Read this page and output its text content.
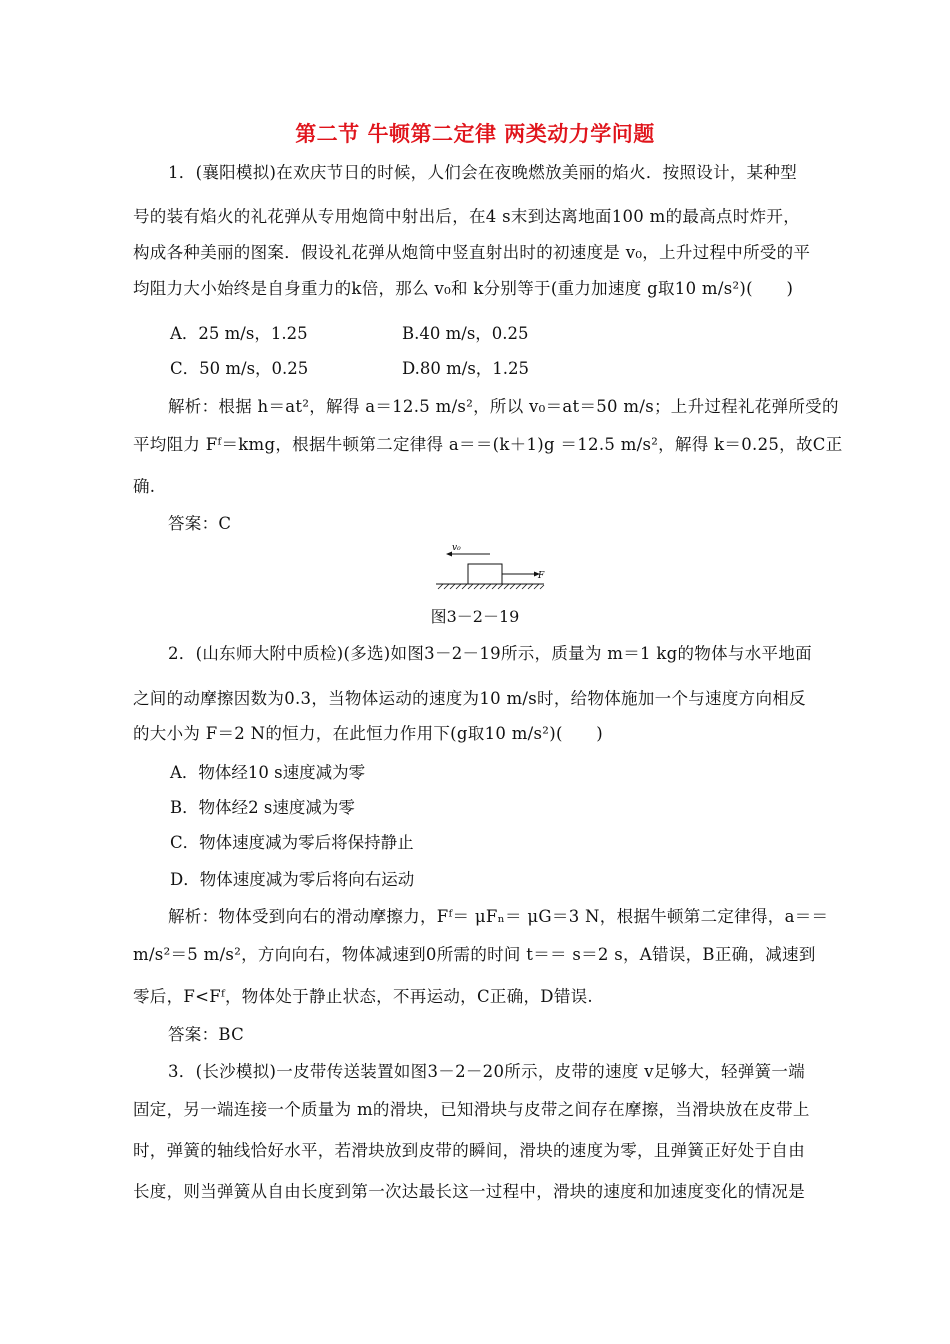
第二节 牛顿第二定律 两类动力学问题
1．(襄阳模拟)在欢庆节日的时候，人们会在夜晚燃放美丽的焰火．按照设计，某种型
号的装有焰火的礼花弹从专用炮筒中射出后，在4 s末到达离地面100 m的最高点时炸开，
构成各种美丽的图案．假设礼花弹从炮筒中竖直射出时的初速度是 v₀，上升过程中所受的平
均阻力大小始终是自身重力的k倍，那么 v₀和 k分别等于(重力加速度 g取10 m/s²)(　　)
A．25 m/s，1.25	B.40 m/s，0.25
C．50 m/s，0.25	D.80 m/s，1.25
解析：根据 h＝at²，解得 a＝12.5 m/s²，所以 v₀＝at＝50 m/s；上升过程礼花弹所受的
平均阻力 Fᶠ＝kmg，根据牛顿第二定律得 a＝＝(k＋1)g ＝12.5 m/s²，解得 k＝0.25，故C正
确.
答案：C
v₀
F
图3－2－19
2．(山东师大附中质检)(多选)如图3－2－19所示，质量为 m＝1 kg的物体与水平地面
之间的动摩擦因数为0.3，当物体运动的速度为10 m/s时，给物体施加一个与速度方向相反
的大小为 F＝2 N的恒力，在此恒力作用下(g取10 m/s²)(　　)
A．物体经10 s速度减为零
B．物体经2 s速度减为零
C．物体速度减为零后将保持静止
D．物体速度减为零后将向右运动
解析：物体受到向右的滑动摩擦力，Fᶠ＝ μFₙ＝ μG＝3 N，根据牛顿第二定律得，a＝＝
m/s²＝5 m/s²，方向向右，物体减速到0所需的时间 t＝＝ s＝2 s，A错误，B正确，减速到
零后，F<Fᶠ，物体处于静止状态，不再运动，C正确，D错误.
答案：BC
3．(长沙模拟)一皮带传送装置如图3－2－20所示，皮带的速度 v足够大，轻弹簧一端
固定，另一端连接一个质量为 m的滑块，已知滑块与皮带之间存在摩擦，当滑块放在皮带上
时，弹簧的轴线恰好水平，若滑块放到皮带的瞬间，滑块的速度为零，且弹簧正好处于自由
长度，则当弹簧从自由长度到第一次达最长这一过程中，滑块的速度和加速度变化的情况是
